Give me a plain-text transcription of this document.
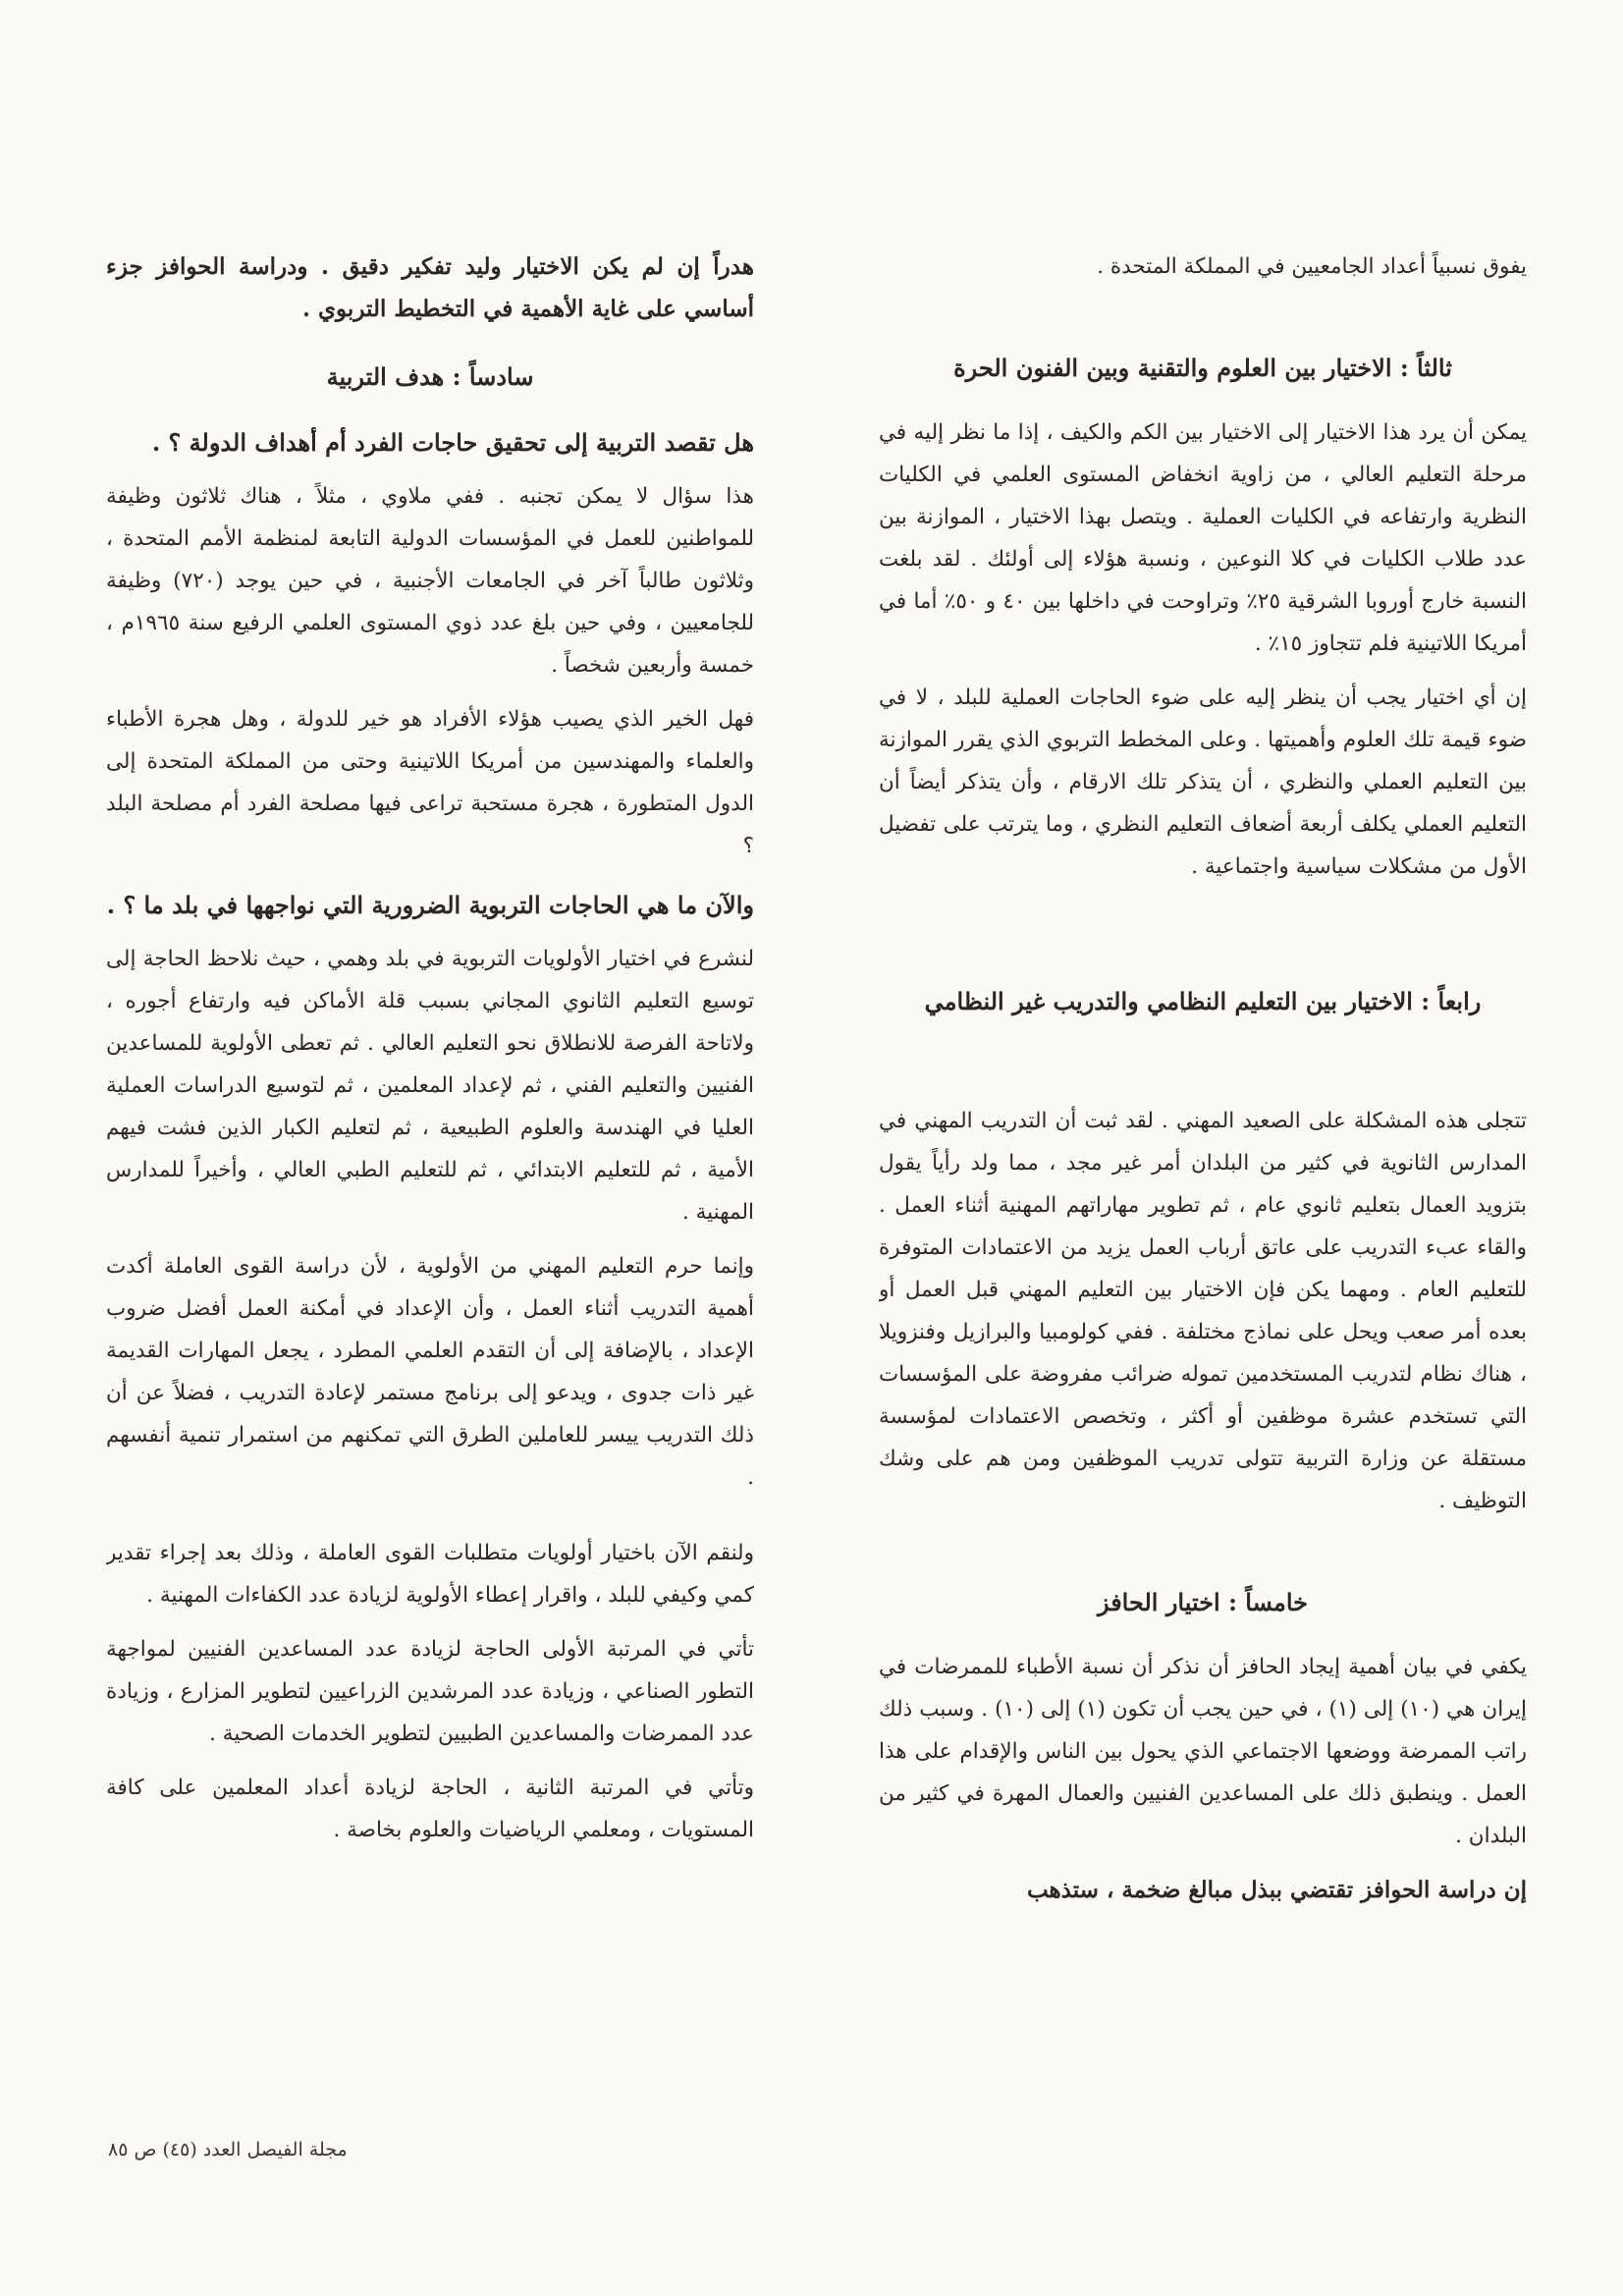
يفوق نسبياً أعداد الجامعيين في المملكة المتحدة .

ثالثاً : الاختيار بين العلوم والتقنية وبين الفنون الحرة

يمكن أن يرد هذا الاختيار إلى الاختيار بين الكم والكيف ، إذا ما نظر إليه في مرحلة التعليم العالي ، من زاوية انخفاض المستوى العلمي في الكليات النظرية وارتفاعه في الكليات العملية . ويتصل بهذا الاختيار ، الموازنة بين عدد طلاب الكليات في كلا النوعين ، ونسبة هؤلاء إلى أولئك . لقد بلغت النسبة خارج أوروبا الشرقية ٢٥٪ وتراوحت في داخلها بين ٤٠ و ٥٠٪ أما في أمريكا اللاتينية فلم تتجاوز ١٥٪ .

إن أي اختيار يجب أن ينظر إليه على ضوء الحاجات العملية للبلد ، لا في ضوء قيمة تلك العلوم وأهميتها . وعلى المخطط التربوي الذي يقرر الموازنة بين التعليم العملي والنظري ، أن يتذكر تلك الارقام ، وأن يتذكر أيضاً أن التعليم العملي يكلف أربعة أضعاف التعليم النظري ، وما يترتب على تفضيل الأول من مشكلات سياسية واجتماعية .

رابعاً : الاختيار بين التعليم النظامي والتدريب غير النظامي

تتجلى هذه المشكلة على الصعيد المهني . لقد ثبت أن التدريب المهني في المدارس الثانوية في كثير من البلدان أمر غير مجد ، مما ولد رأياً يقول بتزويد العمال بتعليم ثانوي عام ، ثم تطوير مهاراتهم المهنية أثناء العمل . والقاء عبء التدريب على عاتق أرباب العمل يزيد من الاعتمادات المتوفرة للتعليم العام . ومهما يكن فإن الاختيار بين التعليم المهني قبل العمل أو بعده أمر صعب ويحل على نماذج مختلفة . ففي كولومبيا والبرازيل وفنزويلا ، هناك نظام لتدريب المستخدمين تموله ضرائب مفروضة على المؤسسات التي تستخدم عشرة موظفين أو أكثر ، وتخصص الاعتمادات لمؤسسة مستقلة عن وزارة التربية تتولى تدريب الموظفين ومن هم على وشك التوظيف .

خامساً : اختيار الحافز

يكفي في بيان أهمية إيجاد الحافز أن نذكر أن نسبة الأطباء للممرضات في إيران هي (١٠) إلى (١) ، في حين يجب أن تكون (١) إلى (١٠) . وسبب ذلك راتب الممرضة ووضعها الاجتماعي الذي يحول بين الناس والإقدام على هذا العمل . وينطبق ذلك على المساعدين الفنيين والعمال المهرة في كثير من البلدان .

إن دراسة الحوافز تقتضي ببذل مبالغ ضخمة ، ستذهب

هدراً إن لم يكن الاختيار وليد تفكير دقيق . ودراسة الحوافز جزء أساسي على غاية الأهمية في التخطيط التربوي .

سادساً : هدف التربية
هل تقصد التربية إلى تحقيق حاجات الفرد أم أهداف الدولة ؟ .

هذا سؤال لا يمكن تجنبه . ففي ملاوي ، مثلاً ، هناك ثلاثون وظيفة للمواطنين للعمل في المؤسسات الدولية التابعة لمنظمة الأمم المتحدة ، وثلاثون طالباً آخر في الجامعات الأجنبية ، في حين يوجد (٧٢٠) وظيفة للجامعيين ، وفي حين بلغ عدد ذوي المستوى العلمي الرفيع سنة ١٩٦٥م ، خمسة وأربعين شخصاً .

فهل الخير الذي يصيب هؤلاء الأفراد هو خير للدولة ، وهل هجرة الأطباء والعلماء والمهندسين من أمريكا اللاتينية وحتى من المملكة المتحدة إلى الدول المتطورة ، هجرة مستحبة تراعى فيها مصلحة الفرد أم مصلحة البلد ؟

والآن ما هي الحاجات التربوية الضرورية التي نواجهها في بلد ما ؟ .

لنشرع في اختيار الأولويات التربوية في بلد وهمي ، حيث نلاحظ الحاجة إلى توسيع التعليم الثانوي المجاني بسبب قلة الأماكن فيه وارتفاع أجوره ، ولاتاحة الفرصة للانطلاق نحو التعليم العالي . ثم تعطى الأولوية للمساعدين الفنيين والتعليم الفني ، ثم لإعداد المعلمين ، ثم لتوسيع الدراسات العملية العليا في الهندسة والعلوم الطبيعية ، ثم لتعليم الكبار الذين فشت فيهم الأمية ، ثم للتعليم الابتدائي ، ثم للتعليم الطبي العالي ، وأخيراً للمدارس المهنية .

وإنما حرم التعليم المهني من الأولوية ، لأن دراسة القوى العاملة أكدت أهمية التدريب أثناء العمل ، وأن الإعداد في أمكنة العمل أفضل ضروب الإعداد ، بالإضافة إلى أن التقدم العلمي المطرد ، يجعل المهارات القديمة غير ذات جدوى ، ويدعو إلى برنامج مستمر لإعادة التدريب ، فضلاً عن أن ذلك التدريب ييسر للعاملين الطرق التي تمكنهم من استمرار تنمية أنفسهم .

ولنقم الآن باختيار أولويات متطلبات القوى العاملة ، وذلك بعد إجراء تقدير كمي وكيفي للبلد ، واقرار إعطاء الأولوية لزيادة عدد الكفاءات المهنية .

تأتي في المرتبة الأولى الحاجة لزيادة عدد المساعدين الفنيين لمواجهة التطور الصناعي ، وزيادة عدد المرشدين الزراعيين لتطوير المزارع ، وزيادة عدد الممرضات والمساعدين الطبيين لتطوير الخدمات الصحية .

وتأتي في المرتبة الثانية ، الحاجة لزيادة أعداد المعلمين على كافة المستويات ، ومعلمي الرياضيات والعلوم بخاصة .

مجلة الفيصل العدد (٤٥) ص ٨٥
